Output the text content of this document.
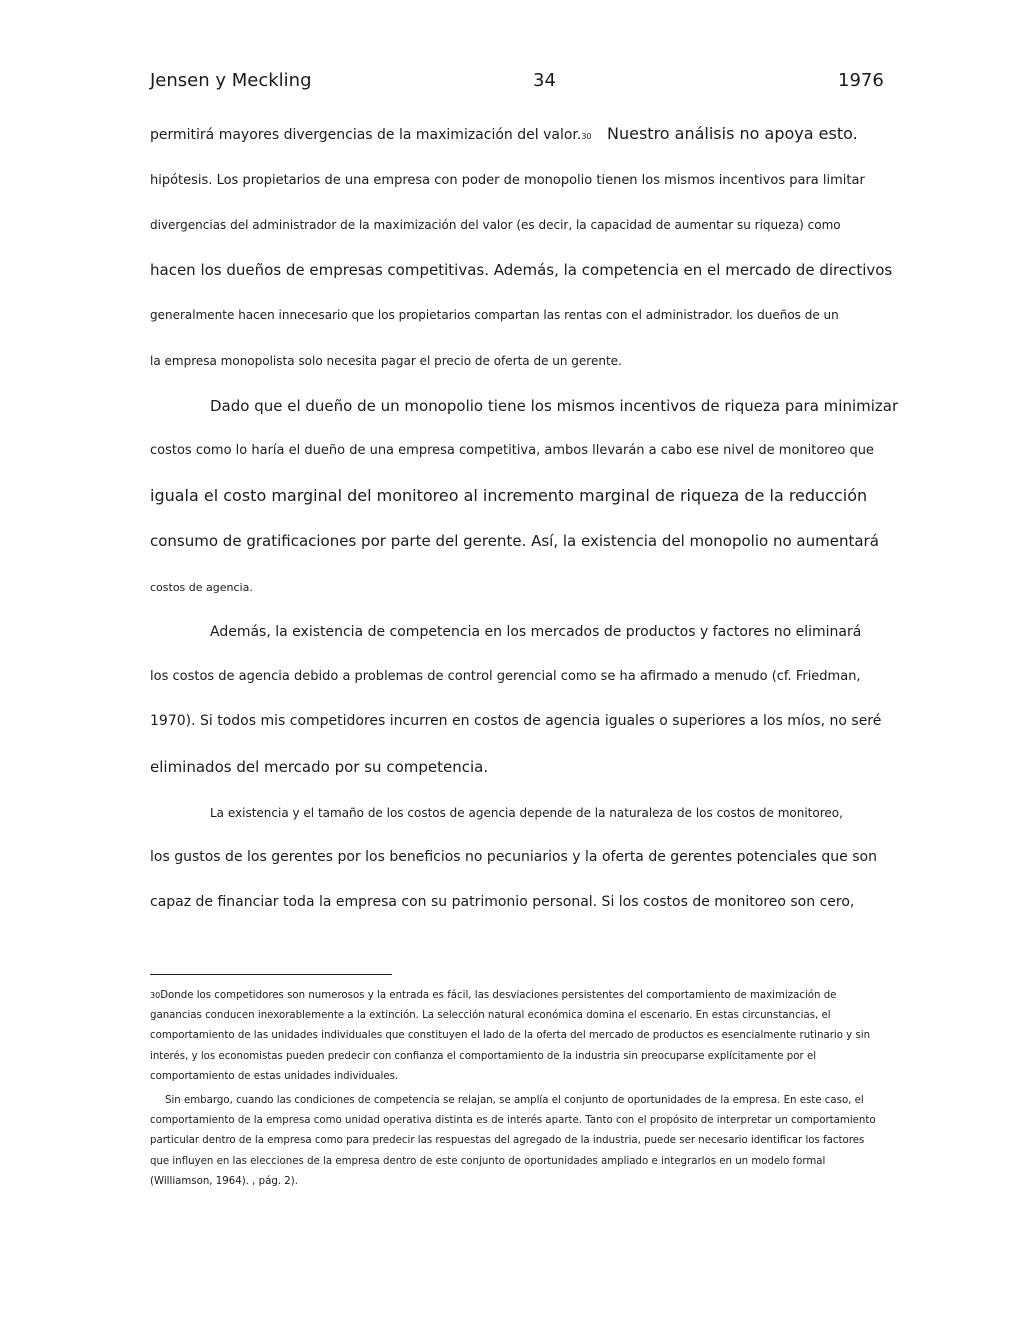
Jensen y Meckling	34	1976
permitirá mayores divergencias de la maximización del valor.30 Nuestro análisis no apoya esto.
hipótesis. Los propietarios de una empresa con poder de monopolio tienen los mismos incentivos para limitar
divergencias del administrador de la maximización del valor (es decir, la capacidad de aumentar su riqueza) como
hacen los dueños de empresas competitivas. Además, la competencia en el mercado de directivos
generalmente hacen innecesario que los propietarios compartan las rentas con el administrador. los dueños de un
la empresa monopolista solo necesita pagar el precio de oferta de un gerente.
Dado que el dueño de un monopolio tiene los mismos incentivos de riqueza para minimizar
costos como lo haría el dueño de una empresa competitiva, ambos llevarán a cabo ese nivel de monitoreo que
iguala el costo marginal del monitoreo al incremento marginal de riqueza de la reducción
consumo de gratificaciones por parte del gerente. Así, la existencia del monopolio no aumentará
costos de agencia.
Además, la existencia de competencia en los mercados de productos y factores no eliminará
los costos de agencia debido a problemas de control gerencial como se ha afirmado a menudo (cf. Friedman,
1970). Si todos mis competidores incurren en costos de agencia iguales o superiores a los míos, no seré
eliminados del mercado por su competencia.
La existencia y el tamaño de los costos de agencia depende de la naturaleza de los costos de monitoreo,
los gustos de los gerentes por los beneficios no pecuniarios y la oferta de gerentes potenciales que son
capaz de financiar toda la empresa con su patrimonio personal. Si los costos de monitoreo son cero,

30Donde los competidores son numerosos y la entrada es fácil, las desviaciones persistentes del comportamiento de maximización de ganancias conducen inexorablemente a la extinción. La selección natural económica domina el escenario. En estas circunstancias, el comportamiento de las unidades individuales que constituyen el lado de la oferta del mercado de productos es esencialmente rutinario y sin interés, y los economistas pueden predecir con confianza el comportamiento de la industria sin preocuparse explícitamente por el comportamiento de estas unidades individuales.

Sin embargo, cuando las condiciones de competencia se relajan, se amplía el conjunto de oportunidades de la empresa. En este caso, el comportamiento de la empresa como unidad operativa distinta es de interés aparte. Tanto con el propósito de interpretar un comportamiento particular dentro de la empresa como para predecir las respuestas del agregado de la industria, puede ser necesario identificar los factores que influyen en las elecciones de la empresa dentro de este conjunto de oportunidades ampliado e integrarlos en un modelo formal (Williamson, 1964). , pág. 2).
